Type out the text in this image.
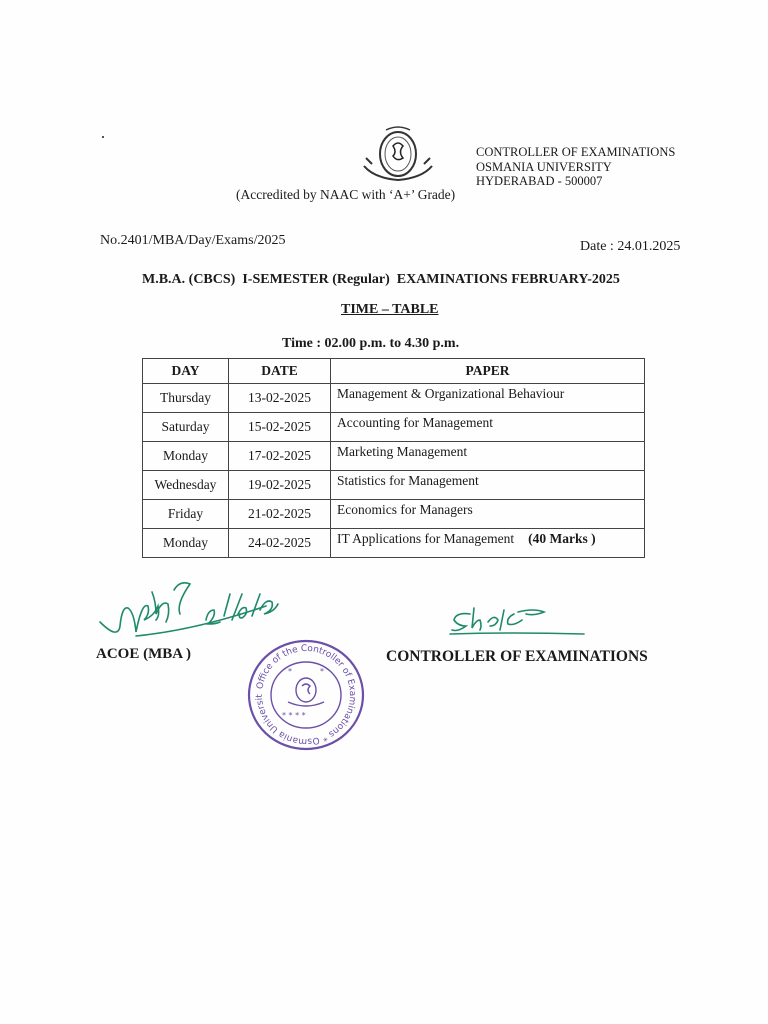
CONTROLLER OF EXAMINATIONS
OSMANIA UNIVERSITY
HYDERABAD - 500007
(Accredited by NAAC with ‘A+’ Grade)
No.2401/MBA/Day/Exams/2025	Date : 24.01.2025
M.B.A. (CBCS)  I-SEMESTER (Regular)  EXAMINATIONS FEBRUARY-2025
TIME – TABLE
Time : 02.00 p.m. to 4.30 p.m.
DAY	DATE	PAPER
Thursday	13-02-2025	Management & Organizational Behaviour
Saturday	15-02-2025	Accounting for Management
Monday	17-02-2025	Marketing Management
Wednesday	19-02-2025	Statistics for Management
Friday	21-02-2025	Economics for Managers
Monday	24-02-2025	IT Applications for Management (40 Marks )
ACOE (MBA )	CONTROLLER OF EXAMINATIONS
Office of the Controller of Examinations * Osmania Universit
* * * *
*	*
